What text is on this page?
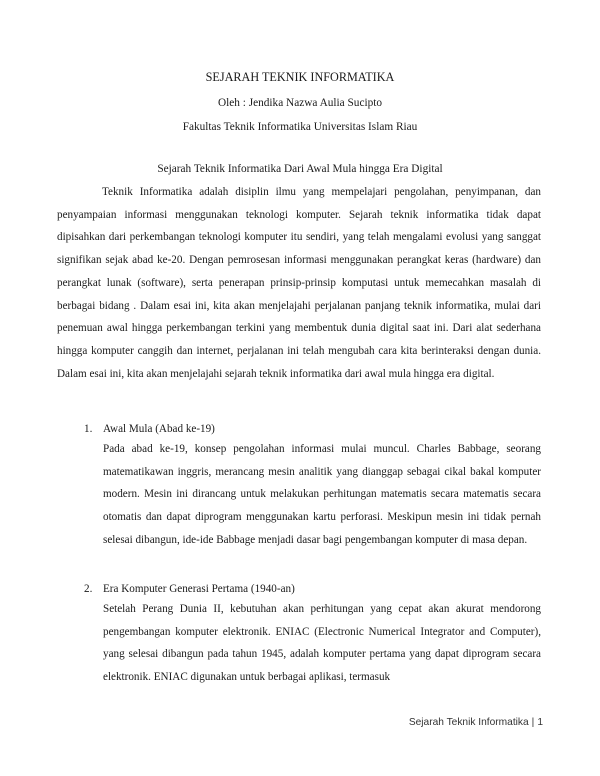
SEJARAH TEKNIK INFORMATIKA
Oleh : Jendika Nazwa Aulia Sucipto
Fakultas Teknik Informatika Universitas Islam Riau
Sejarah Teknik Informatika Dari Awal Mula hingga Era Digital

Teknik Informatika adalah disiplin ilmu yang mempelajari pengolahan, penyimpanan, dan penyampaian informasi menggunakan teknologi komputer. Sejarah teknik informatika tidak dapat dipisahkan dari perkembangan teknologi komputer itu sendiri, yang telah mengalami evolusi yang sanggat signifikan sejak abad ke-20. Dengan pemrosesan informasi menggunakan perangkat keras (hardware) dan perangkat lunak (software), serta penerapan prinsip-prinsip komputasi untuk memecahkan masalah di berbagai bidang . Dalam esai ini, kita akan menjelajahi perjalanan panjang teknik informatika, mulai dari penemuan awal hingga perkembangan terkini yang membentuk dunia digital saat ini. Dari alat sederhana hingga komputer canggih dan internet, perjalanan ini telah mengubah cara kita berinteraksi dengan dunia. Dalam esai ini, kita akan menjelajahi sejarah teknik informatika dari awal mula hingga era digital.

1. Awal Mula (Abad ke-19)

Pada abad ke-19, konsep pengolahan informasi mulai muncul. Charles Babbage, seorang matematikawan inggris, merancang mesin analitik yang dianggap sebagai cikal bakal komputer modern. Mesin ini dirancang untuk melakukan perhitungan matematis secara matematis secara otomatis dan dapat diprogram menggunakan kartu perforasi. Meskipun mesin ini tidak pernah selesai dibangun, ide-ide Babbage menjadi dasar bagi pengembangan komputer di masa depan.

2. Era Komputer Generasi Pertama (1940-an)

Setelah Perang Dunia II, kebutuhan akan perhitungan yang cepat akan akurat mendorong pengembangan komputer elektronik. ENIAC (Electronic Numerical Integrator and Computer), yang selesai dibangun pada tahun 1945, adalah komputer pertama yang dapat diprogram secara elektronik. ENIAC digunakan untuk berbagai aplikasi, termasuk

Sejarah Teknik Informatika | 1
